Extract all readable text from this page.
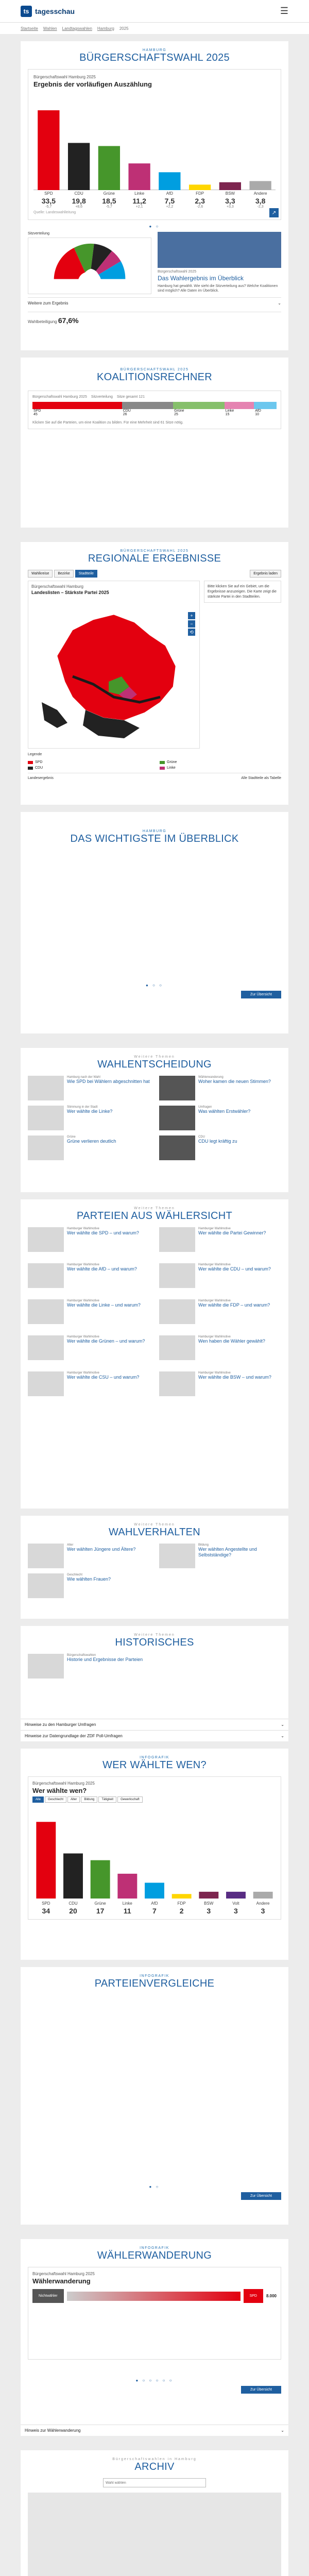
ts tagesschau	☰
Startseite Wahlen Landtagswahlen Hamburg 2025
HAMBURG
BÜRGERSCHAFTSWAHL 2025
Bürgerschaftswahl Hamburg 2025
Ergebnis der vorläufigen Auszählung
SPD	CDU	Grüne	Linke	AfD	FDP	BSW	Andere
33,5	19,8	18,5	11,2	7,5	2,3	3,3	3,8
-5,7	+8,6	-5,7	+2,1	+2,2	-2,6	+3,3	-2,3
Quelle: Landeswahlleitung	↗
● ○
Sitzverteilung
Bürgerschaftswahl 2025
Das Wahlergebnis im Überblick
Hamburg hat gewählt. Wie sieht die Sitzverteilung aus? Welche Koalitionen sind möglich? Alle Daten im Überblick.
Weitere zum Ergebnis	⌄
Wahlbeteiligung 67,6%
BÜRGERSCHAFTSWAHL 2025
KOALITIONSRECHNER
Bürgerschaftswahl Hamburg 2025 Sitzverteilung Sitze gesamt 121
SPD
45
CDU
26
Grüne
25
Linke
15
AfD
10
Klicken Sie auf die Parteien, um eine Koalition zu bilden. Für eine Mehrheit sind 61 Sitze nötig.
BÜRGERSCHAFTSWAHL 2025
REGIONALE ERGEBNISSE
Wahlkreise	Bezirke	Stadtteile	Ergebnis laden
Bürgerschaftswahl Hamburg
Landeslisten – Stärkste Partei 2025
+
−
⟲
Bitte klicken Sie auf ein Gebiet, um die Ergebnisse anzuzeigen. Die Karte zeigt die stärkste Partei in den Stadtteilen.
Legende
SPD	Grüne
CDU	Linke
Landesergebnis	Alle Stadtteile als Tabelle
HAMBURG
DAS WICHTIGSTE IM ÜBERBLICK
● ○ ○
Zur Übersicht
Weitere Themen
WAHLENTSCHEIDUNG
Hamburg nach der Wahl
Wie SPD bei Wählern abgeschnitten hat
Wählerwanderung
Woher kamen die neuen Stimmen?
Stimmung in der Stadt
Wer wählte die Linke?
Umfragen
Was wählten Erstwähler?
Grüne
Grüne verlieren deutlich
CDU
CDU legt kräftig zu
Weitere Themen
PARTEIEN AUS WÄHLERSICHT
Hamburger Wahlmotive
Wer wählte die SPD – und warum?
Hamburger Wahlmotive
Wer wählte die Partei Gewinner?
Hamburger Wahlmotive
Wer wählte die AfD – und warum?
Hamburger Wahlmotive
Wer wählte die CDU – und warum?
Hamburger Wahlmotive
Wer wählte die Linke – und warum?
Hamburger Wahlmotive
Wer wählte die FDP – und warum?
Hamburger Wahlmotive
Wer wählte die Grünen – und warum?
Hamburger Wahlmotive
Wen haben die Wähler gewählt?
Hamburger Wahlmotive
Wer wählte die CSU – und warum?
Hamburger Wahlmotive
Wer wählte die BSW – und warum?
Weitere Themen
WAHLVERHALTEN
Alter
Wer wählten Jüngere und Ältere?
Bildung
Wer wählten Angestellte und Selbstständige?
Geschlecht
Wie wählten Frauen?
Weitere Themen
HISTORISCHES
Bürgerschaftswahlen
Historie und Ergebnisse der Parteien
Hinweise zu den Hamburger Umfragen	⌄
Hinweise zur Datengrundlage der ZDF Poll-Umfragen	⌄
INFOGRAFIK
WER WÄHLTE WEN?
Bürgerschaftswahl Hamburg 2025
Wer wählte wen?
Alle	Geschlecht	Alter	Bildung	Tätigkeit	Gewerkschaft
SPD	CDU	Grüne	Linke	AfD	FDP	BSW	Volt	Andere
34	20	17	11	7	2	3	3	3
INFOGRAFIK
PARTEIENVERGLEICHE
● ○
Zur Übersicht
INFOGRAFIK
WÄHLERWANDERUNG
Bürgerschaftswahl Hamburg 2025
Wählerwanderung
Nichtwähler	SPD	8.000
● ○ ○ ○ ○ ○
Zur Übersicht
Hinweis zur Wählerwanderung	⌄
Bürgerschaftswahlen in Hamburg
ARCHIV
Wahl wählen
